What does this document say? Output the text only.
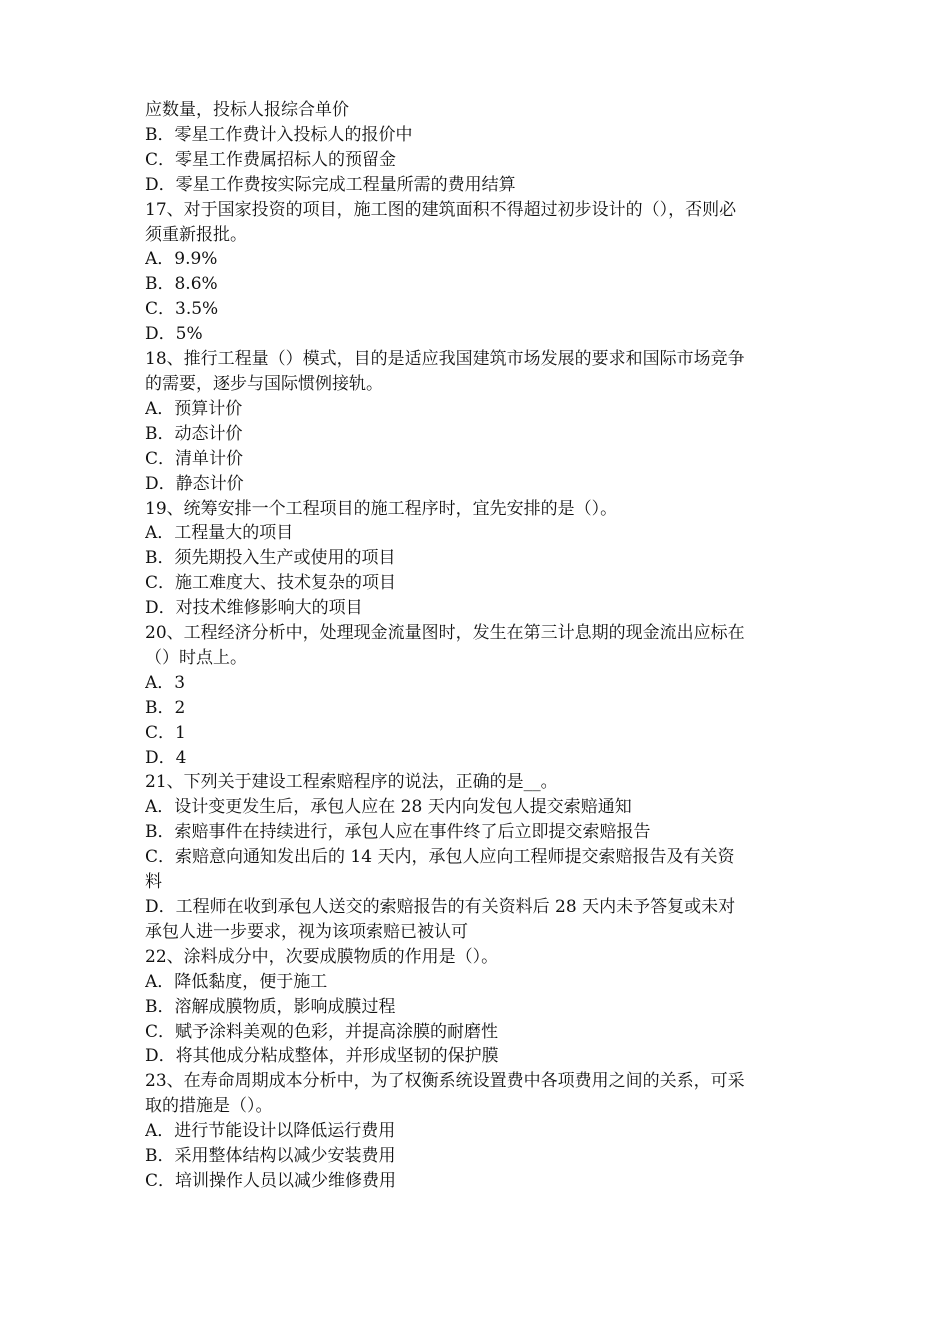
应数量，投标人报综合单价

B．零星工作费计入投标人的报价中

C．零星工作费属招标人的预留金

D．零星工作费按实际完成工程量所需的费用结算

17、对于国家投资的项目，施工图的建筑面积不得超过初步设计的（），否则必

须重新报批。

A．9.9%

B．8.6%

C．3.5%

D．5%

18、推行工程量（）模式，目的是适应我国建筑市场发展的要求和国际市场竞争

的需要，逐步与国际惯例接轨。

A．预算计价

B．动态计价

C．清单计价

D．静态计价

19、统筹安排一个工程项目的施工程序时，宜先安排的是（）。

A．工程量大的项目

B．须先期投入生产或使用的项目

C．施工难度大、技术复杂的项目

D．对技术维修影响大的项目

20、工程经济分析中，处理现金流量图时，发生在第三计息期的现金流出应标在

（）时点上。

A．3

B．2

C．1

D．4

21、下列关于建设工程索赔程序的说法，正确的是__。

A．设计变更发生后，承包人应在 28 天内向发包人提交索赔通知

B．索赔事件在持续进行，承包人应在事件终了后立即提交索赔报告

C．索赔意向通知发出后的 14 天内，承包人应向工程师提交索赔报告及有关资

料

D．工程师在收到承包人送交的索赔报告的有关资料后 28 天内未予答复或未对

承包人进一步要求，视为该项索赔已被认可

22、涂料成分中，次要成膜物质的作用是（）。

A．降低黏度，便于施工

B．溶解成膜物质，影响成膜过程

C．赋予涂料美观的色彩，并提高涂膜的耐磨性

D．将其他成分粘成整体，并形成坚韧的保护膜

23、在寿命周期成本分析中，为了权衡系统设置费中各项费用之间的关系，可采

取的措施是（）。

A．进行节能设计以降低运行费用

B．采用整体结构以减少安装费用

C．培训操作人员以减少维修费用
